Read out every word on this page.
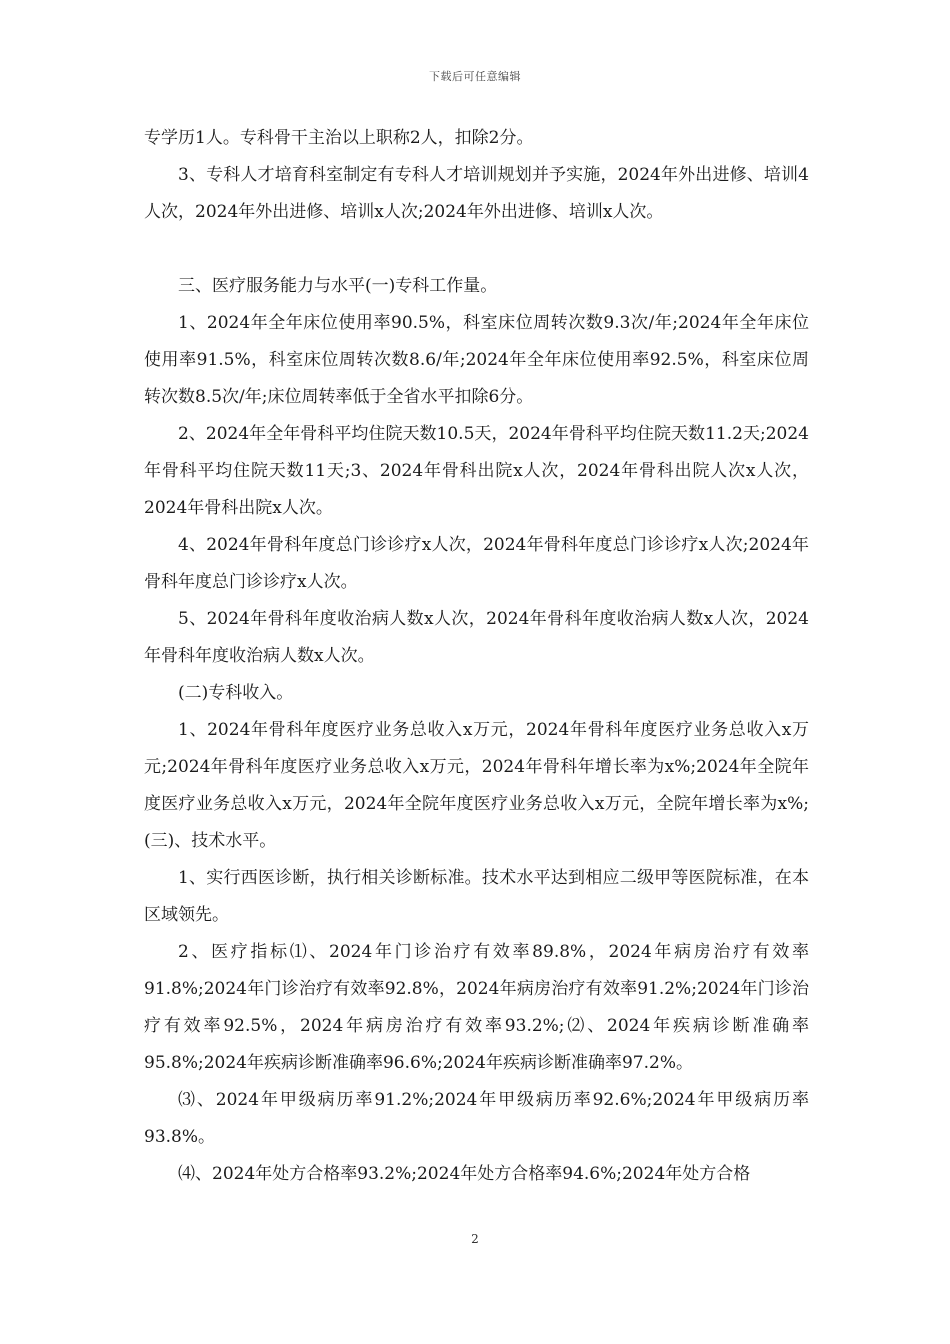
下载后可任意编辑

专学历1人。专科骨干主治以上职称2人，扣除2分。

3、专科人才培育科室制定有专科人才培训规划并予实施，2024年外出进修、培训4人次，2024年外出进修、培训x人次;2024年外出进修、培训x人次。

三、医疗服务能力与水平(一)专科工作量。

1、2024年全年床位使用率90.5%，科室床位周转次数9.3次/年;2024年全年床位使用率91.5%，科室床位周转次数8.6/年;2024年全年床位使用率92.5%，科室床位周转次数8.5次/年;床位周转率低于全省水平扣除6分。

2、2024年全年骨科平均住院天数10.5天，2024年骨科平均住院天数11.2天;2024年骨科平均住院天数11天;3、2024年骨科出院x人次，2024年骨科出院人次x人次，2024年骨科出院x人次。

4、2024年骨科年度总门诊诊疗x人次，2024年骨科年度总门诊诊疗x人次;2024年骨科年度总门诊诊疗x人次。

5、2024年骨科年度收治病人数x人次，2024年骨科年度收治病人数x人次，2024年骨科年度收治病人数x人次。

(二)专科收入。

1、2024年骨科年度医疗业务总收入x万元，2024年骨科年度医疗业务总收入x万元;2024年骨科年度医疗业务总收入x万元，2024年骨科年增长率为x%;2024年全院年度医疗业务总收入x万元，2024年全院年度医疗业务总收入x万元，全院年增长率为x%;(三)、技术水平。

1、实行西医诊断，执行相关诊断标准。技术水平达到相应二级甲等医院标准，在本区域领先。

2、医疗指标⑴、2024年门诊治疗有效率89.8%，2024年病房治疗有效率91.8%;2024年门诊治疗有效率92.8%，2024年病房治疗有效率91.2%;2024年门诊治疗有效率92.5%，2024年病房治疗有效率93.2%;⑵、2024年疾病诊断准确率95.8%;2024年疾病诊断准确率96.6%;2024年疾病诊断准确率97.2%。

⑶、2024年甲级病历率91.2%;2024年甲级病历率92.6%;2024年甲级病历率93.8%。

⑷、2024年处方合格率93.2%;2024年处方合格率94.6%;2024年处方合格

2
